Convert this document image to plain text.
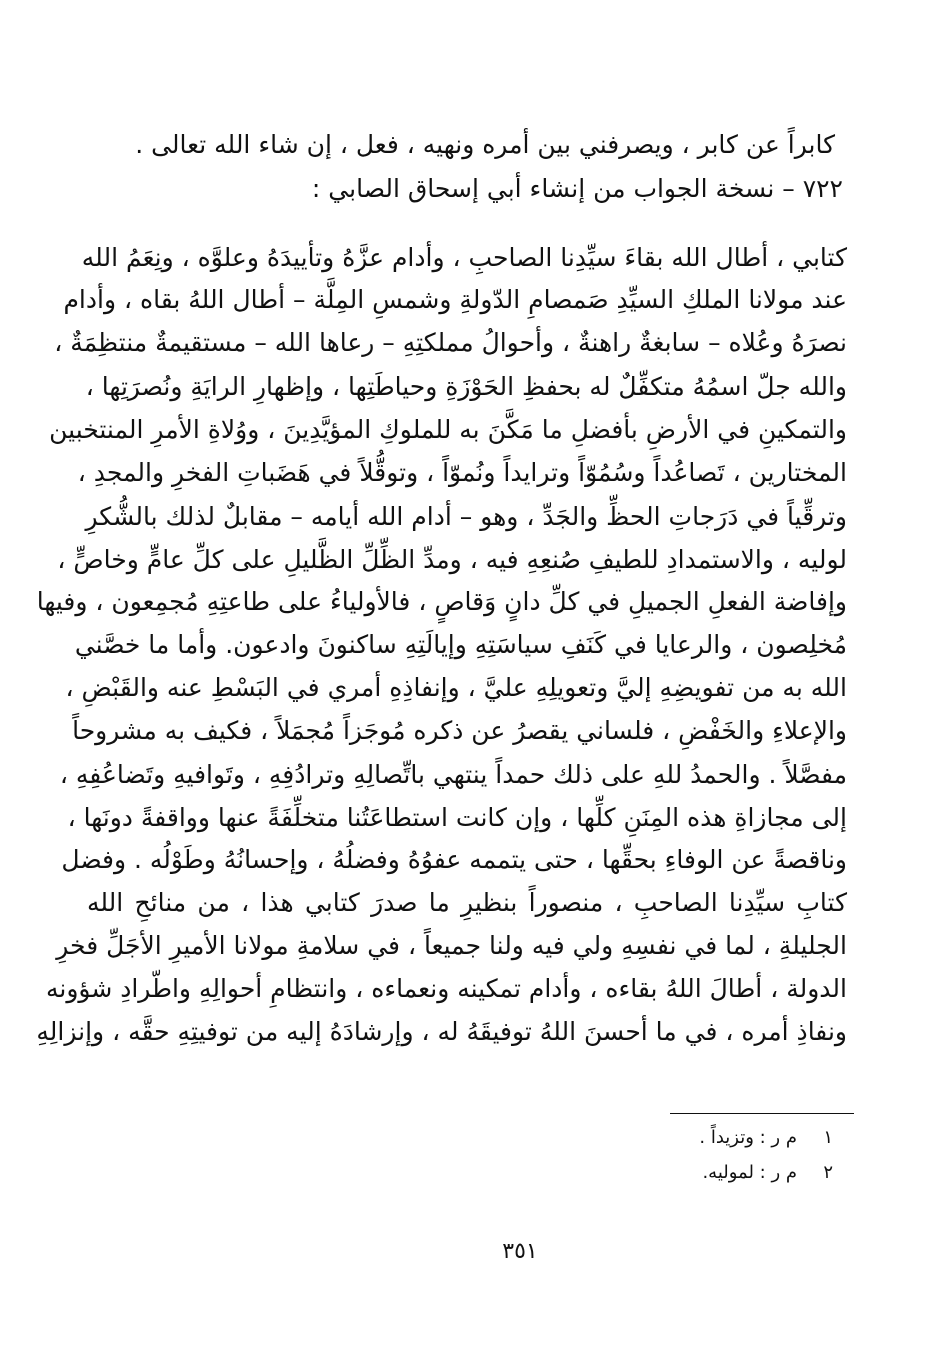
كابراً عن كابر ، ويصرفني بين أمره ونهيه ، فعل ، إن شاء الله تعالى .
٧٢٢ – نسخة الجواب من إنشاء أبي إسحاق الصابي :
كتابي ، أطال الله بقاءَ سيِّدِنا الصاحبِ ، وأدام عزَّهُ وتأييدَهُ وعلوَّه ، ونِعَمُ الله
عند مولانا الملكِ السيِّدِ صَمصامِ الدّولةِ وشمسِ المِلَّة – أطال اللهُ بقاه ، وأدام
نصرَهُ وعُلاه – سابغةٌ راهنةٌ ، وأحوالُ مملكتِهِ – رعاها الله – مستقيمةٌ منتظِمَةٌ ،
والله جلّ اسمُهُ متكفِّلٌ له بحفظِ الحَوْزَةِ وحياطَتِها ، وإظهارِ الرايَةِ ونُصرَتِها ،
والتمكينِ في الأرضِ بأفضلِ ما مَكَّنَ به للملوكِ المؤيَّدِينَ ، ووُلاةِ الأمرِ المنتخبين
المختارين ، تَصاعُداً وسُمُوّاً وترايداً ونُموّاً ، وتوقُّلاً في هَضَباتِ الفخرِ والمجدِ ،
وترقِّياً في دَرَجاتِ الحظِّ والجَدِّ ، وهو – أدام الله أيامه – مقابلٌ لذلك بالشُّكرِ
لوليه ، والاستمدادِ للطيفِ صُنعِهِ فيه ، ومدِّ الظِّلِّ الظَّليلِ على كلِّ عامٍّ وخاصٍّ ،
وإفاضة الفعلِ الجميلِ في كلِّ دانٍ وَقاصٍ ، فالأولياءُ على طاعتِهِ مُجمِعون ، وفيها
مُخلِصون ، والرعايا في كَنَفِ سياسَتِهِ وإيالَتِهِ ساكنونَ وادعون. وأما ما خصَّني
الله به من تفويضِهِ إليَّ وتعويلِهِ عليَّ ، وإنفاذِهِ أمري في البَسْطِ عنه والقَبْضِ ،
والإعلاءِ والخَفْضِ ، فلساني يقصرُ عن ذكره مُوجَزاً مُجمَلاً ، فكيف به مشروحاً
مفصَّلاً . والحمدُ للهِ على ذلك حمداً ينتهي باتِّصالِهِ وترادُفِهِ ، وتَوافيهِ وتَضاعُفِهِ ،
إلى مجازاةِ هذه المِنَنِ كلِّها ، وإن كانت استطاعَتُنا متخلِّفَةً عنها وواقفةً دونَها ،
وناقصةً عن الوفاءِ بحقِّها ، حتى يتممه عفوُهُ وفضلُهُ ، وإحسانُهُ وطَوْلُه . وفضل
كتابِ سيِّدِنا الصاحبِ ، منصوراً بنظيرِ ما صدرَ كتابي هذا ، من منائحِ الله
الجليلةِ ، لما في نفسِهِ ولي فيه ولنا جميعاً ، في سلامةِ مولانا الأميرِ الأجَلِّ فخرِ
الدولة ، أطالَ اللهُ بقاءه ، وأدام تمكينه ونعماءه ، وانتظامِ أحوالِهِ واطّرادِ شؤونه
ونفاذِ أمره ، في ما أحسنَ اللهُ توفيقَهُ له ، وإرشادَهُ إليه من توفيتِهِ حقَّه ، وإنزالِهِ
١م ر : وتزيداً .
٢م ر : لموليه.
٣٥١
